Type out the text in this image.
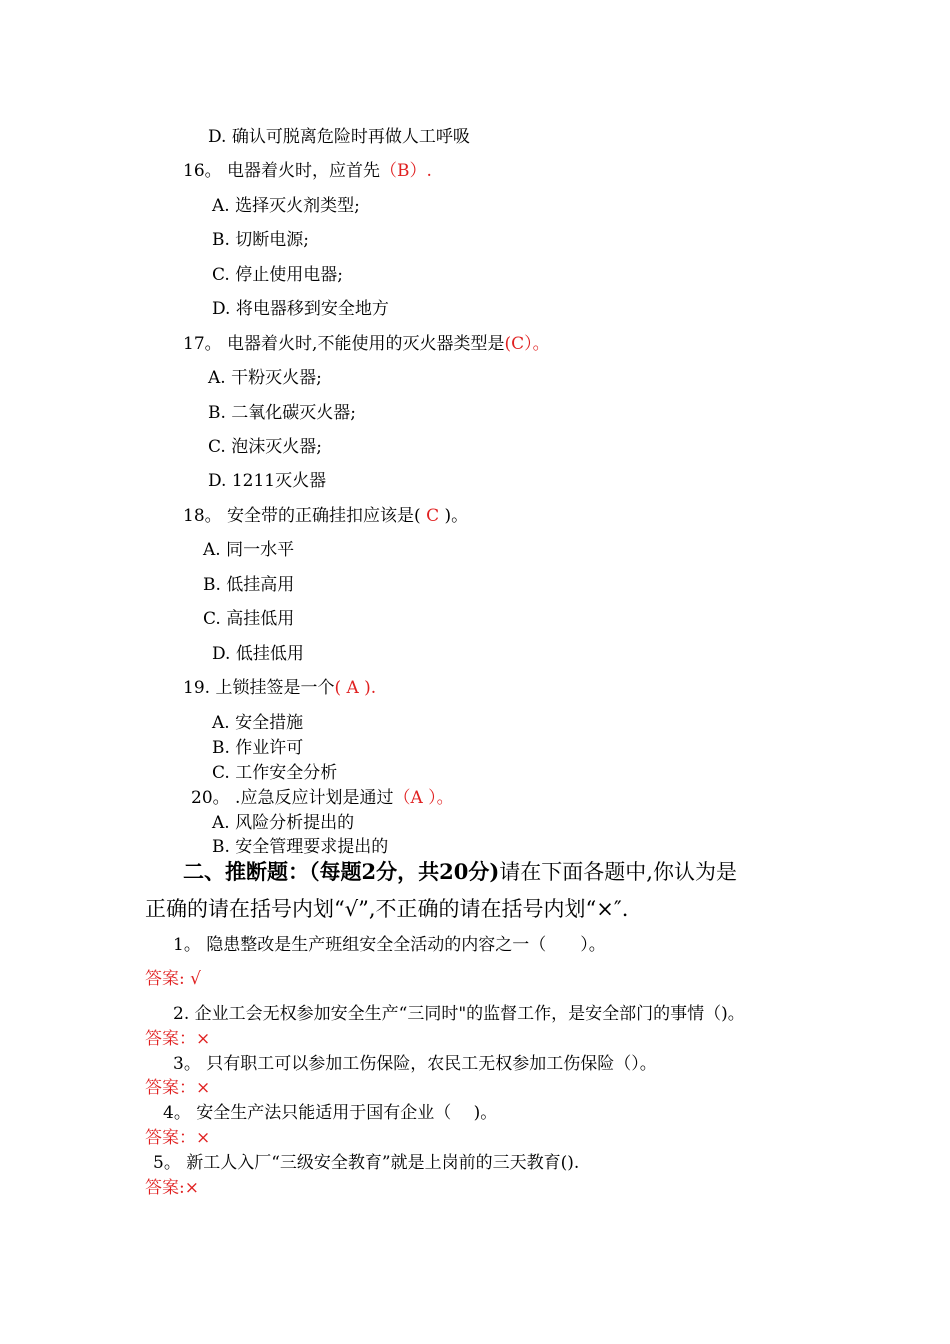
D. 确认可脱离危险时再做人工呼吸
16。 电器着火时，应首先（B）.
A. 选择灭火剂类型;
B. 切断电源;
C. 停止使用电器;
D. 将电器移到安全地方
17。 电器着火时,不能使用的灭火器类型是(C）。
A. 干粉灭火器;
B. 二氧化碳灭火器;
C. 泡沫灭火器;
D. 1211灭火器
18。 安全带的正确挂扣应该是( C )。
A. 同一水平
B. 低挂高用
C. 高挂低用
D. 低挂低用
19. 上锁挂签是一个( A ).
A. 安全措施
B. 作业许可
C. 工作安全分析
20。 .应急反应计划是通过（A ）。
A. 风险分析提出的
B. 安全管理要求提出的
二、推断题：（每题2分，共20分)请在下面各题中,你认为是
正确的请在括号内划“√”,不正确的请在括号内划“×″.
1。 隐患整改是生产班组安全全活动的内容之一（　　）。
答案: √
2. 企业工会无权参加安全生产“三同时"的监督工作，是安全部门的事情（)。
答案：×
3。 只有职工可以参加工伤保险，农民工无权参加工伤保险（）。
答案：×
4。 安全生产法只能适用于国有企业（　 )。
答案：×
5。 新工人入厂“三级安全教育”就是上岗前的三天教育().
答案:×
